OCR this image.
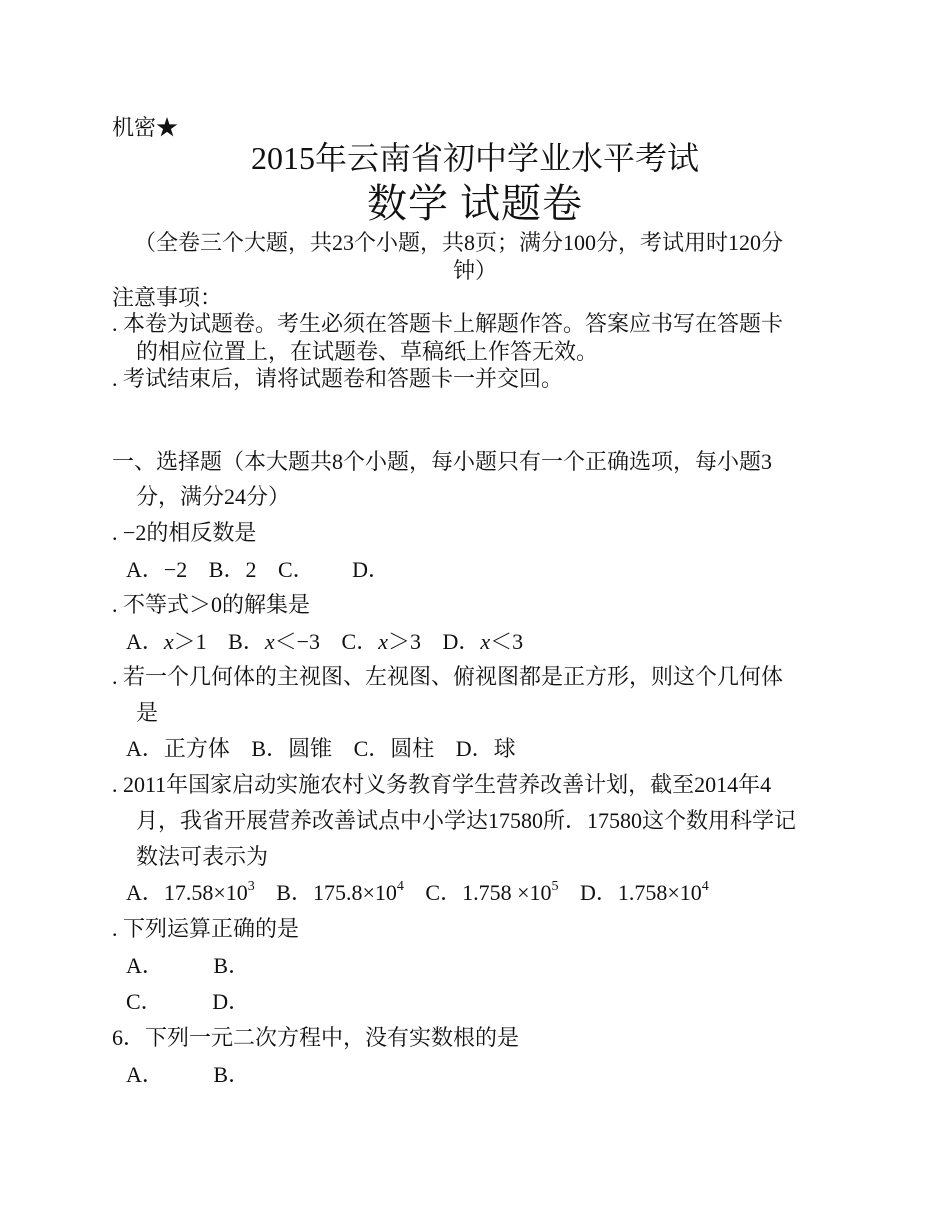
机密★
2015年云南省初中学业水平考试
数学 试题卷
（全卷三个大题，共23个小题，共8页；满分100分，考试用时120分
钟）
注意事项：
. 本卷为试题卷。考生必须在答题卡上解题作答。答案应书写在答题卡
的相应位置上，在试题卷、草稿纸上作答无效。
. 考试结束后，请将试题卷和答题卡一并交回。
一、选择题（本大题共8个小题，每小题只有一个正确选项，每小题3
分，满分24分）
. −2的相反数是
A．−2 B．2 C． D．
. 不等式＞0的解集是
A．x＞1 B．x＜−3 C．x＞3 D．x＜3
. 若一个几何体的主视图、左视图、俯视图都是正方形，则这个几何体
是
A．正方体 B．圆锥 C．圆柱 D．球
. 2011年国家启动实施农村义务教育学生营养改善计划，截至2014年4
月，我省开展营养改善试点中小学达17580所．17580这个数用科学记
数法可表示为
A．$17.58\times 10^3$ B．$175.8\times 10^4$ C．$1.758 \times 10^5$ D．$1.758\times 10^4$
. 下列运算正确的是
A． B．
C． D．
6．下列一元二次方程中，没有实数根的是
A． B．
